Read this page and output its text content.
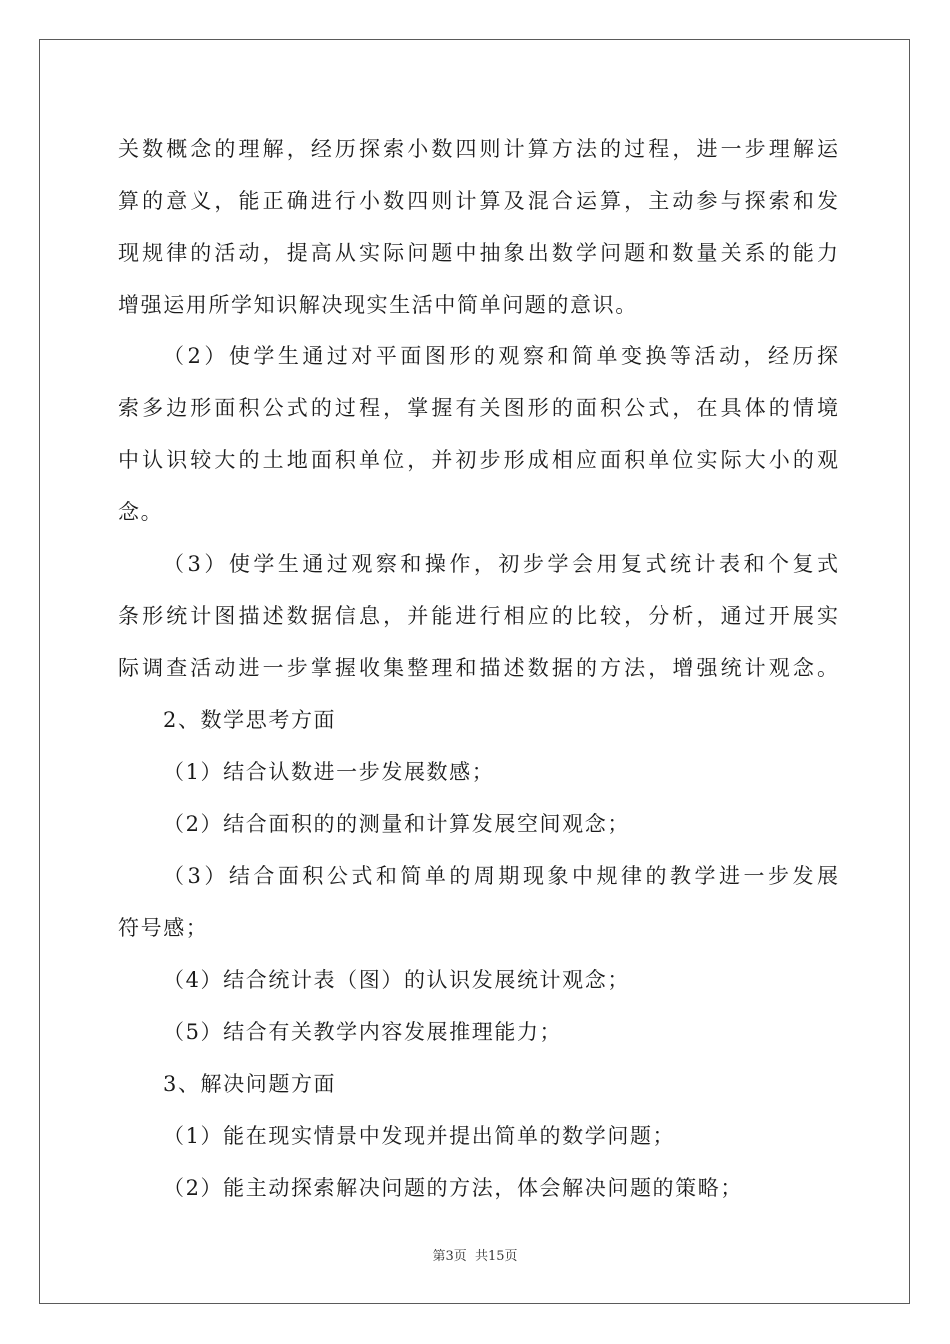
关数概念的理解，经历探索小数四则计算方法的过程，进一步理解运
算的意义，能正确进行小数四则计算及混合运算，主动参与探索和发
现规律的活动，提高从实际问题中抽象出数学问题和数量关系的能力
增强运用所学知识解决现实生活中简单问题的意识。
（2）使学生通过对平面图形的观察和简单变换等活动，经历探
索多边形面积公式的过程，掌握有关图形的面积公式，在具体的情境
中认识较大的土地面积单位，并初步形成相应面积单位实际大小的观
念。
（3）使学生通过观察和操作，初步学会用复式统计表和个复式
条形统计图描述数据信息，并能进行相应的比较，分析，通过开展实
际调查活动进一步掌握收集整理和描述数据的方法，增强统计观念。
2、数学思考方面
（1）结合认数进一步发展数感；
（2）结合面积的的测量和计算发展空间观念；
（3）结合面积公式和简单的周期现象中规律的教学进一步发展
符号感；
（4）结合统计表（图）的认识发展统计观念；
（5）结合有关教学内容发展推理能力；
3、解决问题方面
（1）能在现实情景中发现并提出简单的数学问题；
（2）能主动探索解决问题的方法，体会解决问题的策略；
第3页 共15页
